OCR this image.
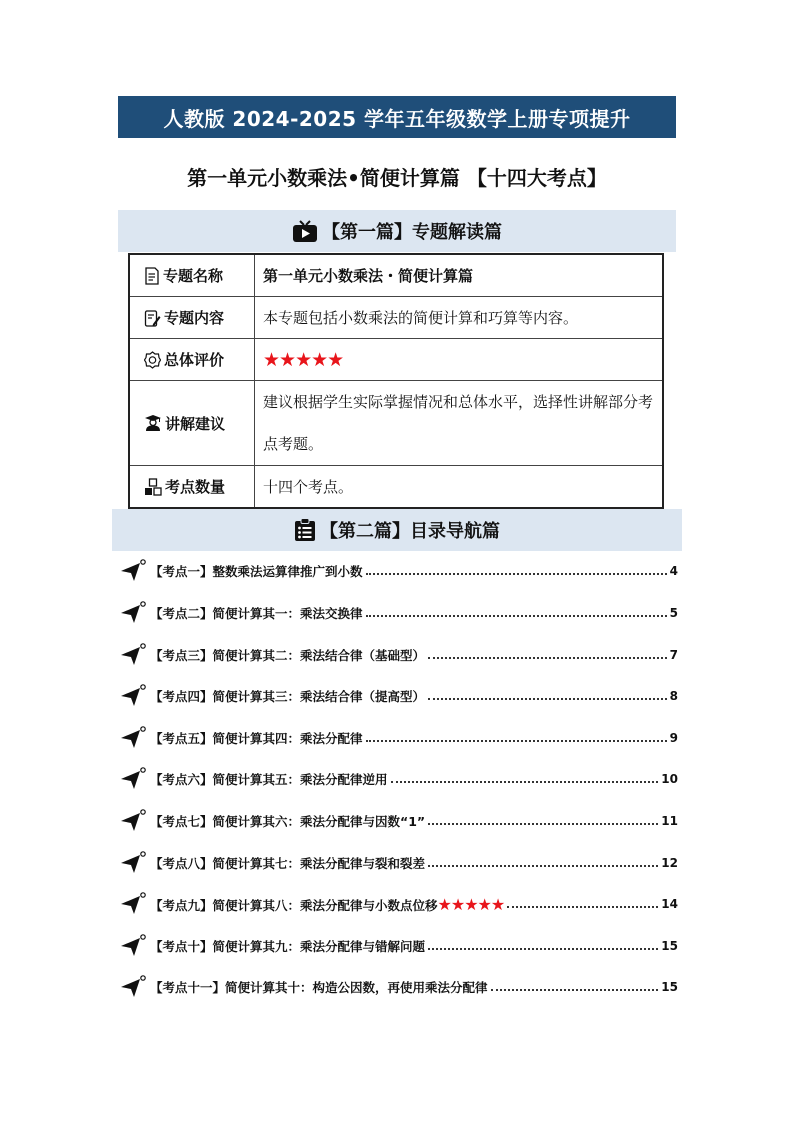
人教版 2024-2025 学年五年级数学上册专项提升
第一单元小数乘法•简便计算篇 【十四大考点】
【第一篇】专题解读篇
专题名称	第一单元小数乘法・简便计算篇

专题内容	本专题包括小数乘法的简便计算和巧算等内容。

总体评价	★★★★★

讲解建议	建议根据学生实际掌握情况和总体水平，选择性讲解部分考
点考题。

考点数量	十四个考点。
【第二篇】目录导航篇
【考点一】整数乘法运算律推广到小数	4
【考点二】简便计算其一：乘法交换律	5
【考点三】简便计算其二：乘法结合律（基础型）	7
【考点四】简便计算其三：乘法结合律（提高型）	8
【考点五】简便计算其四：乘法分配律	9
【考点六】简便计算其五：乘法分配律逆用	10
【考点七】简便计算其六：乘法分配律与因数“1”	11
【考点八】简便计算其七：乘法分配律与裂和裂差	12
【考点九】简便计算其八：乘法分配律与小数点位移★★★★★	14
【考点十】简便计算其九：乘法分配律与错解问题	15
【考点十一】简便计算其十：构造公因数，再使用乘法分配律	15
